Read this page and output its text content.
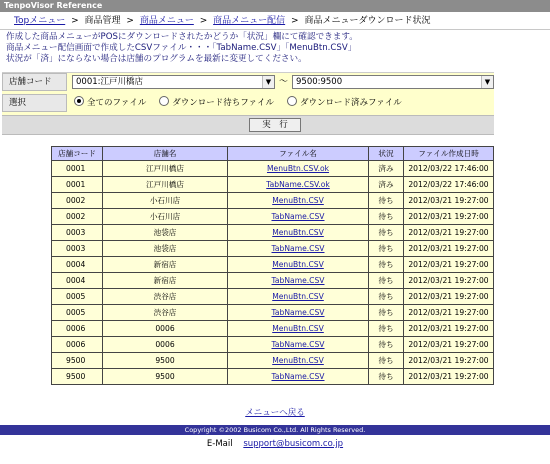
TenpoVisor Reference
Topメニュー > 商品管理 > 商品メニュー > 商品メニュー配信 > 商品メニューダウンロード状況
作成した商品メニューがPOSにダウンロードされたかどうか「状況」欄にて確認できます。
商品メニュー配信画面で作成したCSVファイル・・・「TabName.CSV」「MenuBtn.CSV」
状況が「済」にならない場合は店舗のプログラムを最新に変更してください。
店舗コード	0001:江戸川橋店	▼ ～ 9500:9500	▼
選択	全てのファイル	ダウンロード待ちファイル	ダウンロード済みファイル
実　行
店舗コード	店舗名	ファイル名	状況	ファイル作成日時
0001	江戸川橋店	MenuBtn.CSV.ok	済み	2012/03/22 17:46:00
0001	江戸川橋店	TabName.CSV.ok	済み	2012/03/22 17:46:00
0002	小石川店	MenuBtn.CSV	待ち	2012/03/21 19:27:00
0002	小石川店	TabName.CSV	待ち	2012/03/21 19:27:00
0003	池袋店	MenuBtn.CSV	待ち	2012/03/21 19:27:00
0003	池袋店	TabName.CSV	待ち	2012/03/21 19:27:00
0004	新宿店	MenuBtn.CSV	待ち	2012/03/21 19:27:00
0004	新宿店	TabName.CSV	待ち	2012/03/21 19:27:00
0005	渋谷店	MenuBtn.CSV	待ち	2012/03/21 19:27:00
0005	渋谷店	TabName.CSV	待ち	2012/03/21 19:27:00
0006	0006	MenuBtn.CSV	待ち	2012/03/21 19:27:00
0006	0006	TabName.CSV	待ち	2012/03/21 19:27:00
9500	9500	MenuBtn.CSV	待ち	2012/03/21 19:27:00
9500	9500	TabName.CSV	待ち	2012/03/21 19:27:00
メニューへ戻る
Copyright ©2002 Busicom Co.,Ltd. All Rights Reserved.
E-Mail support@busicom.co.jp
